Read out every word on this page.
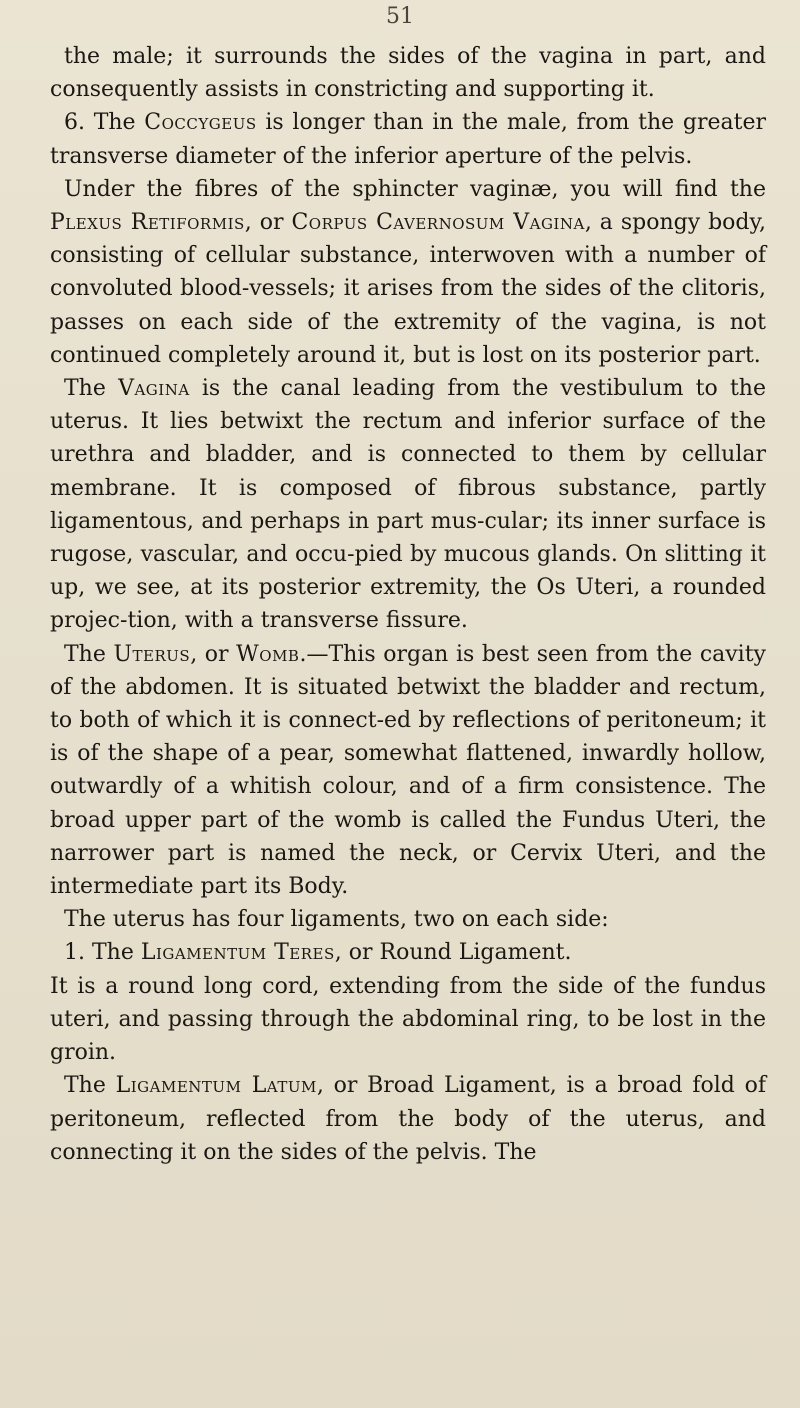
51

the male; it surrounds the sides of the vagina in part, and consequently assists in constricting and supporting it.

6. The Coccygeus is longer than in the male, from the greater transverse diameter of the inferior aperture of the pelvis.

Under the fibres of the sphincter vaginæ, you will find the Plexus Retiformis, or Corpus Cavernosum Vagina, a spongy body, consisting of cellular substance, interwoven with a number of convoluted blood-vessels; it arises from the sides of the clitoris, passes on each side of the extremity of the vagina, is not continued completely around it, but is lost on its posterior part.

The Vagina is the canal leading from the vestibulum to the uterus. It lies betwixt the rectum and inferior surface of the urethra and bladder, and is connected to them by cellular membrane. It is composed of fibrous substance, partly ligamentous, and perhaps in part mus-cular; its inner surface is rugose, vascular, and occu-pied by mucous glands. On slitting it up, we see, at its posterior extremity, the Os Uteri, a rounded projec-tion, with a transverse fissure.

The Uterus, or Womb.—This organ is best seen from the cavity of the abdomen. It is situated betwixt the bladder and rectum, to both of which it is connect-ed by reflections of peritoneum; it is of the shape of a pear, somewhat flattened, inwardly hollow, outwardly of a whitish colour, and of a firm consistence. The broad upper part of the womb is called the Fundus Uteri, the narrower part is named the neck, or Cervix Uteri, and the intermediate part its Body.

The uterus has four ligaments, two on each side:

1. The Ligamentum Teres, or Round Ligament.

It is a round long cord, extending from the side of the fundus uteri, and passing through the abdominal ring, to be lost in the groin.

The Ligamentum Latum, or Broad Ligament, is a broad fold of peritoneum, reflected from the body of the uterus, and connecting it on the sides of the pelvis. The
